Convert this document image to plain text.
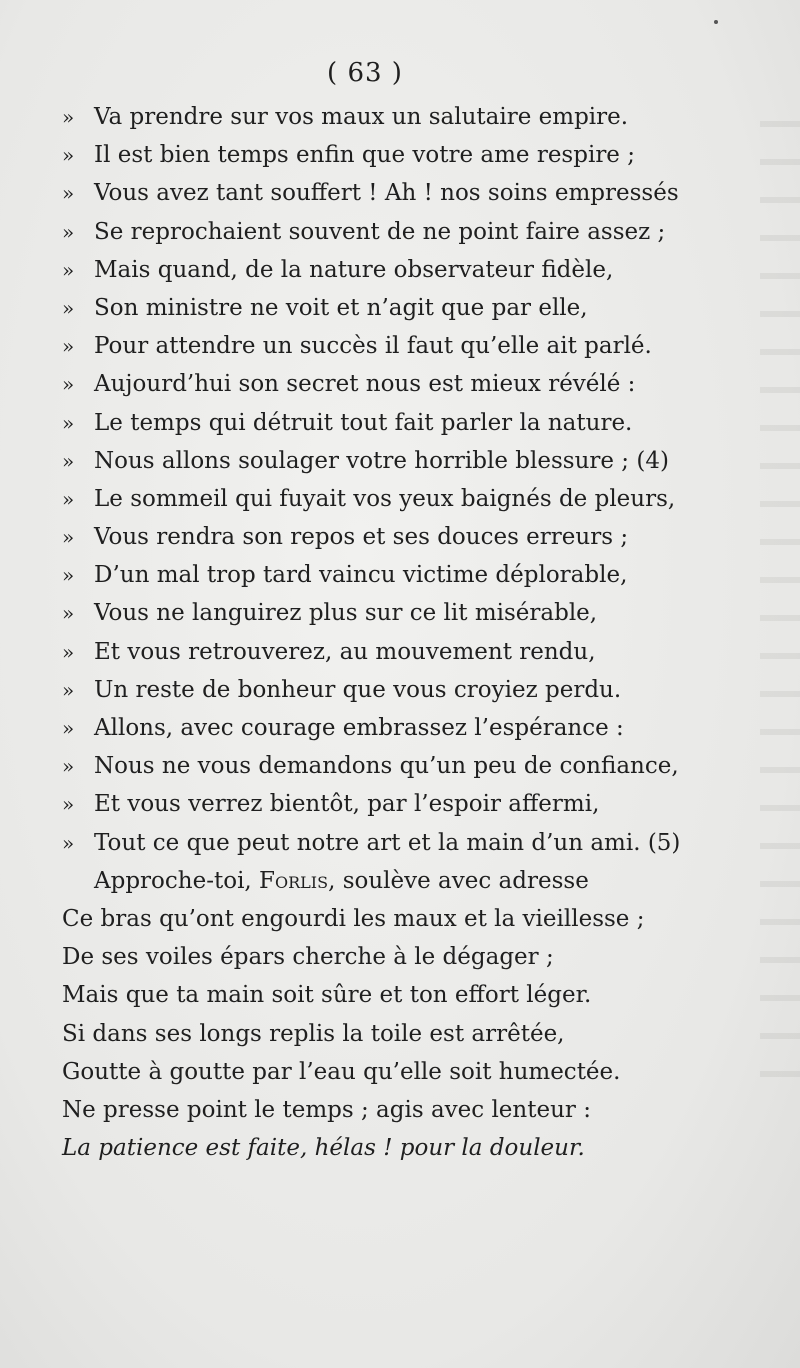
( 63 )
» Va prendre sur vos maux un salutaire empire.
» Il est bien temps enfin que votre ame respire ;
» Vous avez tant souffert ! Ah ! nos soins empressés
» Se reprochaient souvent de ne point faire assez ;
» Mais quand, de la nature observateur fidèle,
» Son ministre ne voit et n’agit que par elle,
» Pour attendre un succès il faut qu’elle ait parlé.
» Aujourd’hui son secret nous est mieux révélé :
» Le temps qui détruit tout fait parler la nature.
» Nous allons soulager votre horrible blessure ; (4)
» Le sommeil qui fuyait vos yeux baignés de pleurs,
» Vous rendra son repos et ses douces erreurs ;
» D’un mal trop tard vaincu victime déplorable,
» Vous ne languirez plus sur ce lit misérable,
» Et vous retrouverez, au mouvement rendu,
» Un reste de bonheur que vous croyiez perdu.
» Allons, avec courage embrassez l’espérance :
» Nous ne vous demandons qu’un peu de confiance,
» Et vous verrez bientôt, par l’espoir affermi,
» Tout ce que peut notre art et la main d’un ami. (5)
Approche-toi, Forlis, soulève avec adresse
Ce bras qu’ont engourdi les maux et la vieillesse ;
De ses voiles épars cherche à le dégager ;
Mais que ta main soit sûre et ton effort léger.
Si dans ses longs replis la toile est arrêtée,
Goutte à goutte par l’eau qu’elle soit humectée.
Ne presse point le temps ; agis avec lenteur :
La patience est faite, hélas ! pour la douleur.
